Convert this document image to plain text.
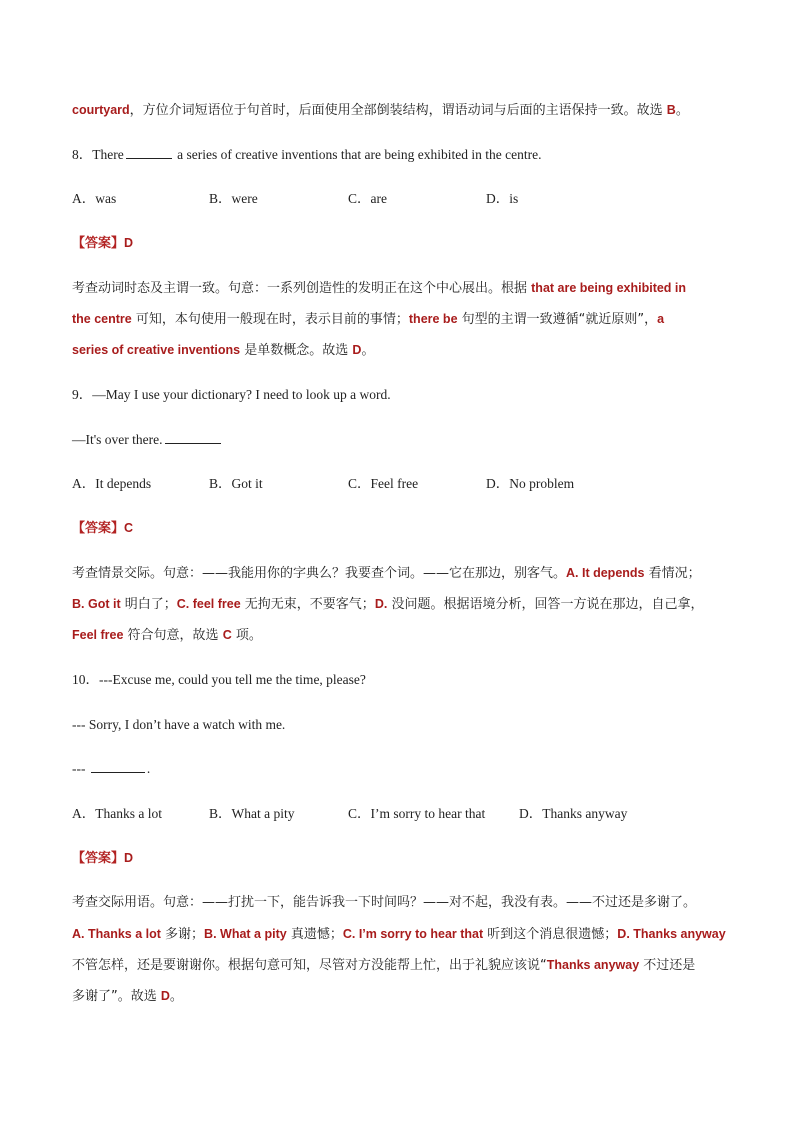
courtyard，方位介词短语位于句首时，后面使用全部倒装结构，谓语动词与后面的主语保持一致。故选 B。
8．There	a series of creative inventions that are being exhibited in the centre.
A．was	B．were	C．are	D．is
【答案】D
考查动词时态及主谓一致。句意：一系列创造性的发明正在这个中心展出。根据 that are being exhibited in
the centre 可知，本句使用一般现在时，表示目前的事情；there be 句型的主谓一致遵循“就近原则”，a
series of creative inventions 是单数概念。故选 D。
9．—May I use your dictionary? I need to look up a word.
—It's over there.
A．It depends	B．Got it	C．Feel free	D．No problem
【答案】C
考查情景交际。句意：——我能用你的字典么？我要查个词。——它在那边，别客气。A. It depends 看情况；
B. Got it 明白了；C. feel free 无拘无束，不要客气；D. 没问题。根据语境分析，回答一方说在那边，自己拿，
Feel free 符合句意，故选 C 项。
10．---Excuse me, could you tell me the time, please?
--- Sorry, I don’t have a watch with me.
---	.
A．Thanks a lot	B．What a pity	C．I’m sorry to hear that	D．Thanks anyway
【答案】D
考查交际用语。句意：——打扰一下，能告诉我一下时间吗？——对不起，我没有表。——不过还是多谢了。
A. Thanks a lot 多谢；B. What a pity 真遗憾；C. I’m sorry to hear that 听到这个消息很遗憾；D. Thanks anyway
不管怎样，还是要谢谢你。根据句意可知，尽管对方没能帮上忙，出于礼貌应该说“Thanks anyway 不过还是
多谢了”。故选 D。
